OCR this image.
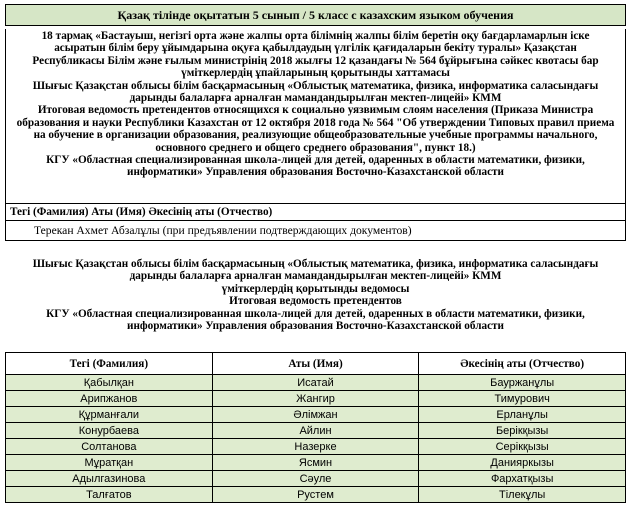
Қазақ тілінде оқытатын 5 сынып / 5 класс с казахским языком обучения
18 тармақ «Бастауыш, негізгі орта және жалпы орта білімнің жалпы білім беретін оқу бағдарламарлын іске
асыратын білім беру ұйымдарына оқуға қабылдаудың үлгілік қағидаларын бекіту туралы» Қазақстан
Республикасы Білім және ғылым министрінің 2018 жылғы 12 қазандағы № 564 бұйрығына сәйкес квотасы бар
үміткерлердің ұпайларының қорытынды хаттамасы
Шығыс Қазақстан облысы білім басқармасының «Облыстық математика, физика, информатика саласындағы
дарынды балаларға арналған мамандандырылған мектеп-лицейі» КММ
Итоговая ведомость претендентов относящихся к социально уязвимым слоям населения (Приказа Министра
образования и науки Республики Казахстан от 12 октября 2018 года № 564 "Об утверждении Типовых правил приема
на обучение в организации образования, реализующие общеобразовательные учебные программы начального,
основного среднего и общего среднего образования", пункт 18.)
КГУ «Областная специализированная школа-лицей для детей, одаренных в области математики, физики,
информатики» Управления образования Восточно-Казахстанской области
Тегі (Фамилия) Аты (Имя) Әкесінің аты (Отчество)
Терекан Ахмет Абзалұлы (при предъявлении подтверждающих документов)
Шығыс Қазақстан облысы білім басқармасының «Облыстық математика, физика, информатика саласындағы
дарынды балаларға арналған мамандандырылған мектеп-лицейі» КММ
үміткерлердің қорытынды ведомосы
Итоговая ведомость претендентов
КГУ «Областная специализированная школа-лицей для детей, одаренных в области математики, физики,
информатики» Управления образования Восточно-Казахстанской области
Тегі (Фамилия)	Аты (Имя)	Әкесінің аты (Отчество)
Қабылқан	Исатай	Бауржанұлы
Арипжанов	Жангир	Тимурович
Құрманғали	Әлімжан	Ерланұлы
Конурбаева	Айлин	Берікқызы
Солтанова	Назерке	Серікқызы
Мұратқан	Ясмин	Данияркызы
Адылгазинова	Сәуле	Фархатқызы
Талғатов	Рустем	Тілекұлы
